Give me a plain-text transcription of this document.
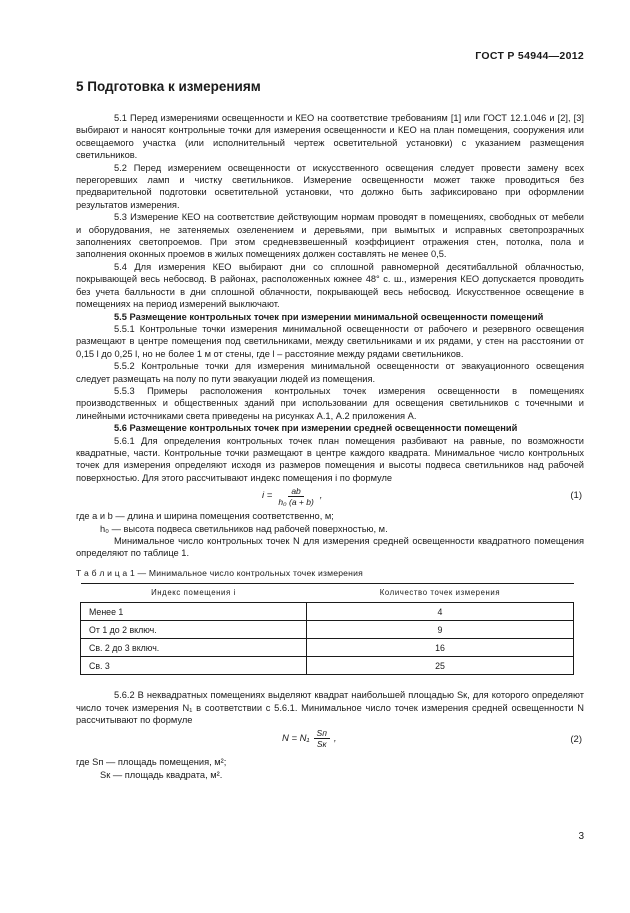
ГОСТ Р 54944—2012
5 Подготовка к измерениям

5.1 Перед измерениями освещенности и КЕО на соответствие требованиям [1] или ГОСТ 12.1.046 и [2], [3] выбирают и наносят контрольные точки для измерения освещенности и КЕО на план помещения, сооружения или освещаемого участка (или исполнительный чертеж осветительной установки) с указанием размещения светильников.

5.2 Перед измерением освещенности от искусственного освещения следует провести замену всех перегоревших ламп и чистку светильников. Измерение освещенности может также проводиться без предварительной подготовки осветительной установки, что должно быть зафиксировано при оформлении результатов измерения.

5.3 Измерение КЕО на соответствие действующим нормам проводят в помещениях, свободных от мебели и оборудования, не затеняемых озеленением и деревьями, при вымытых и исправных светопрозрачных заполнениях светопроемов. При этом средневзвешенный коэффициент отражения стен, потолка, пола и заполнения оконных проемов в жилых помещениях должен составлять не менее 0,5.

5.4 Для измерения КЕО выбирают дни со сплошной равномерной десятибалльной облачностью, покрывающей весь небосвод. В районах, расположенных южнее 48° с. ш., измерения КЕО допускается проводить без учета балльности в дни сплошной облачности, покрывающей весь небосвод. Искусственное освещение в помещениях на период измерений выключают.

5.5 Размещение контрольных точек при измерении минимальной освещенности помещений

5.5.1 Контрольные точки измерения минимальной освещенности от рабочего и резервного освещения размещают в центре помещения под светильниками, между светильниками и их рядами, у стен на расстоянии от 0,15 l до 0,25 l, но не более 1 м от стены, где l – расстояние между рядами светильников.

5.5.2 Контрольные точки для измерения минимальной освещенности от эвакуационного освещения следует размещать на полу по пути эвакуации людей из помещения.

5.5.3 Примеры расположения контрольных точек измерения освещенности в помещениях производственных и общественных зданий при использовании для освещения светильников с точечными и линейными источниками света приведены на рисунках А.1, А.2 приложения А.

5.6 Размещение контрольных точек при измерении средней освещенности помещений

5.6.1 Для определения контрольных точек план помещения разбивают на равные, по возможности квадратные, части. Контрольные точки размещают в центре каждого квадрата. Минимальное число контрольных точек для измерения определяют исходя из размеров помещения и высоты подвеса светильников над рабочей поверхностью. Для этого рассчитывают индекс помещения i по формуле

$i = \frac{ab}{\text{h₀ (a + b)}}$ ,	(1)

где a и b — длина и ширина помещения соответственно, м;

h₀ — высота подвеса светильников над рабочей поверхностью, м.

Минимальное число контрольных точек N для измерения средней освещенности квадратного помещения определяют по таблице 1.

Т а б л и ц а 1 — Минимальное число контрольных точек измерения
Индекс помещения i	Количество точек измерения
Менее 1	4
От 1 до 2 включ.	9
Св. 2 до 3 включ.	16
Св. 3	25

5.6.2 В неквадратных помещениях выделяют квадрат наибольшей площадью Sк, для которого определяют число точек измерения N₁ в соответствии с 5.6.1. Минимальное число точек измерения средней освещенности N рассчитывают по формуле

$N = N_1 \frac{Sп}{Sк}$ ,	(2)

где Sп — площадь помещения, м²;

Sк — площадь квадрата, м².

3
